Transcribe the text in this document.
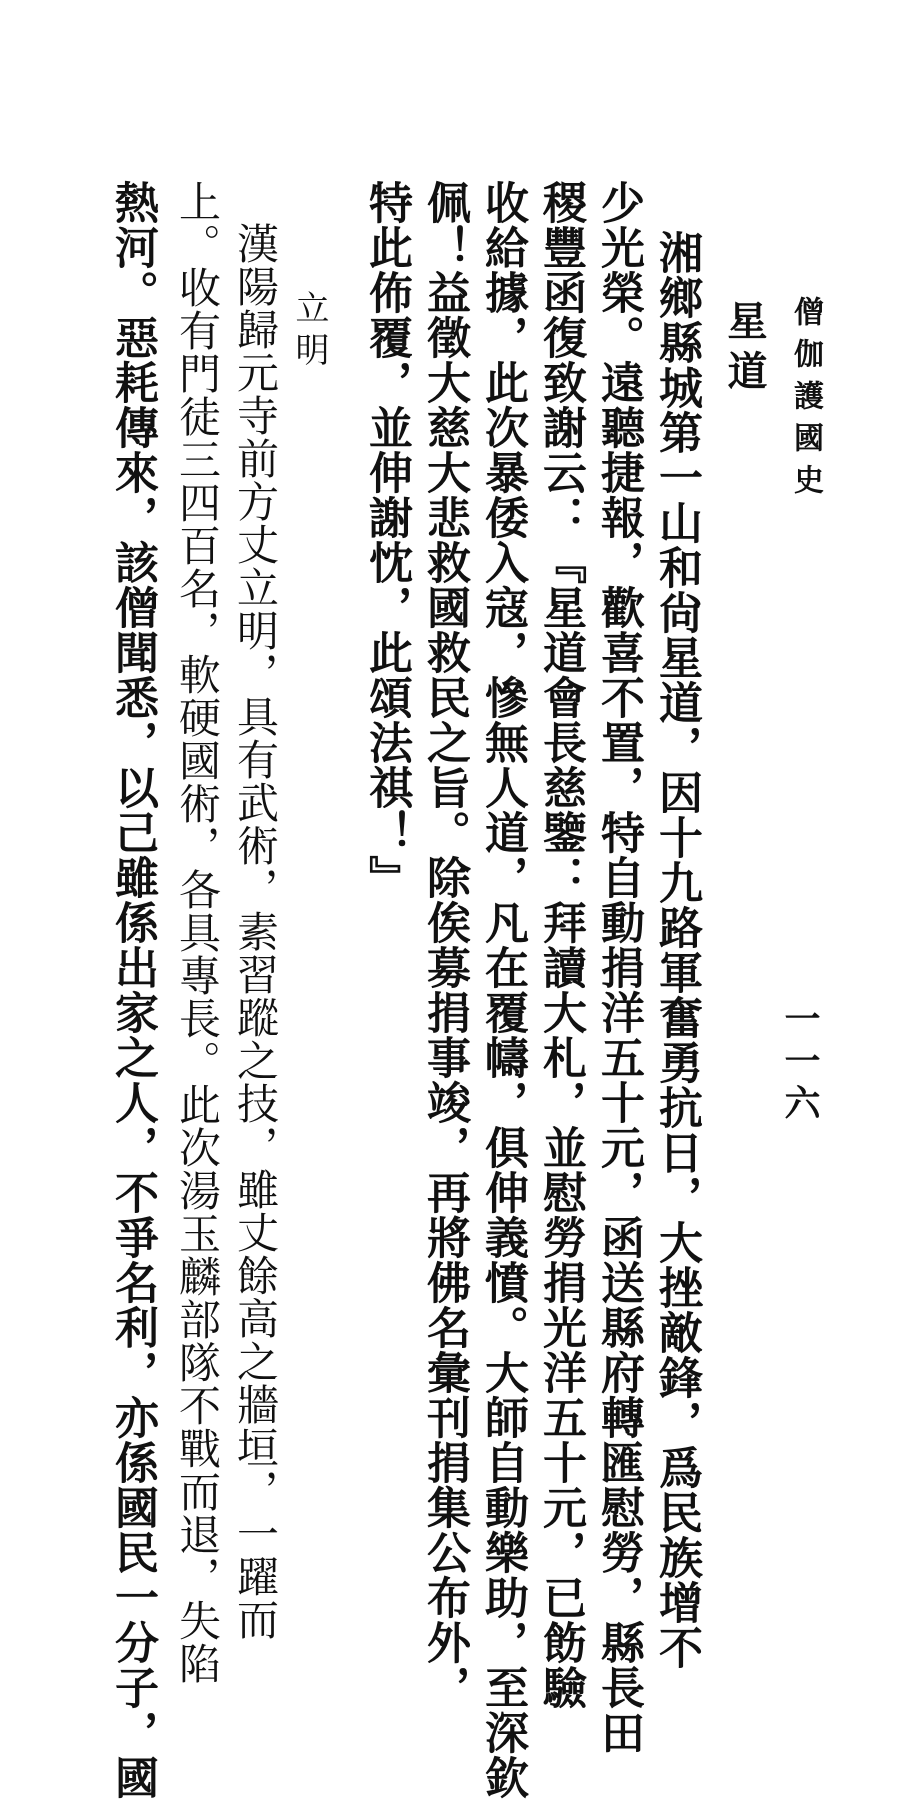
僧伽護國史
一一六
星道
湘鄉縣城第一山和尙星道，因十九路軍奮勇抗日，大挫敵鋒，爲民族增不
少光榮。遠聽捷報，歡喜不置，特自動捐洋五十元，函送縣府轉匯慰勞，縣長田
稷豐函復致謝云：『星道會長慈鑒：拜讀大札，並慰勞捐光洋五十元，已飭驗
收給據，此次暴倭入寇，慘無人道，凡在覆幬，俱伸義憤。大師自動樂助，至深欽
佩！益徵大慈大悲救國救民之旨。除俟募捐事竣，再將佛名彙刊捐集公布外，
特此佈覆，並伸謝忱，此頌法祺！』
立明
漢陽歸元寺前方丈立明，具有武術，素習蹤之技，雖丈餘高之牆垣，一躍而
上。收有門徒三四百名，軟硬國術，各具專長。此次湯玉麟部隊不戰而退，失陷
熱河。惡耗傳來，該僧聞悉，以己雖係出家之人，不爭名利，亦係國民一分子，國
